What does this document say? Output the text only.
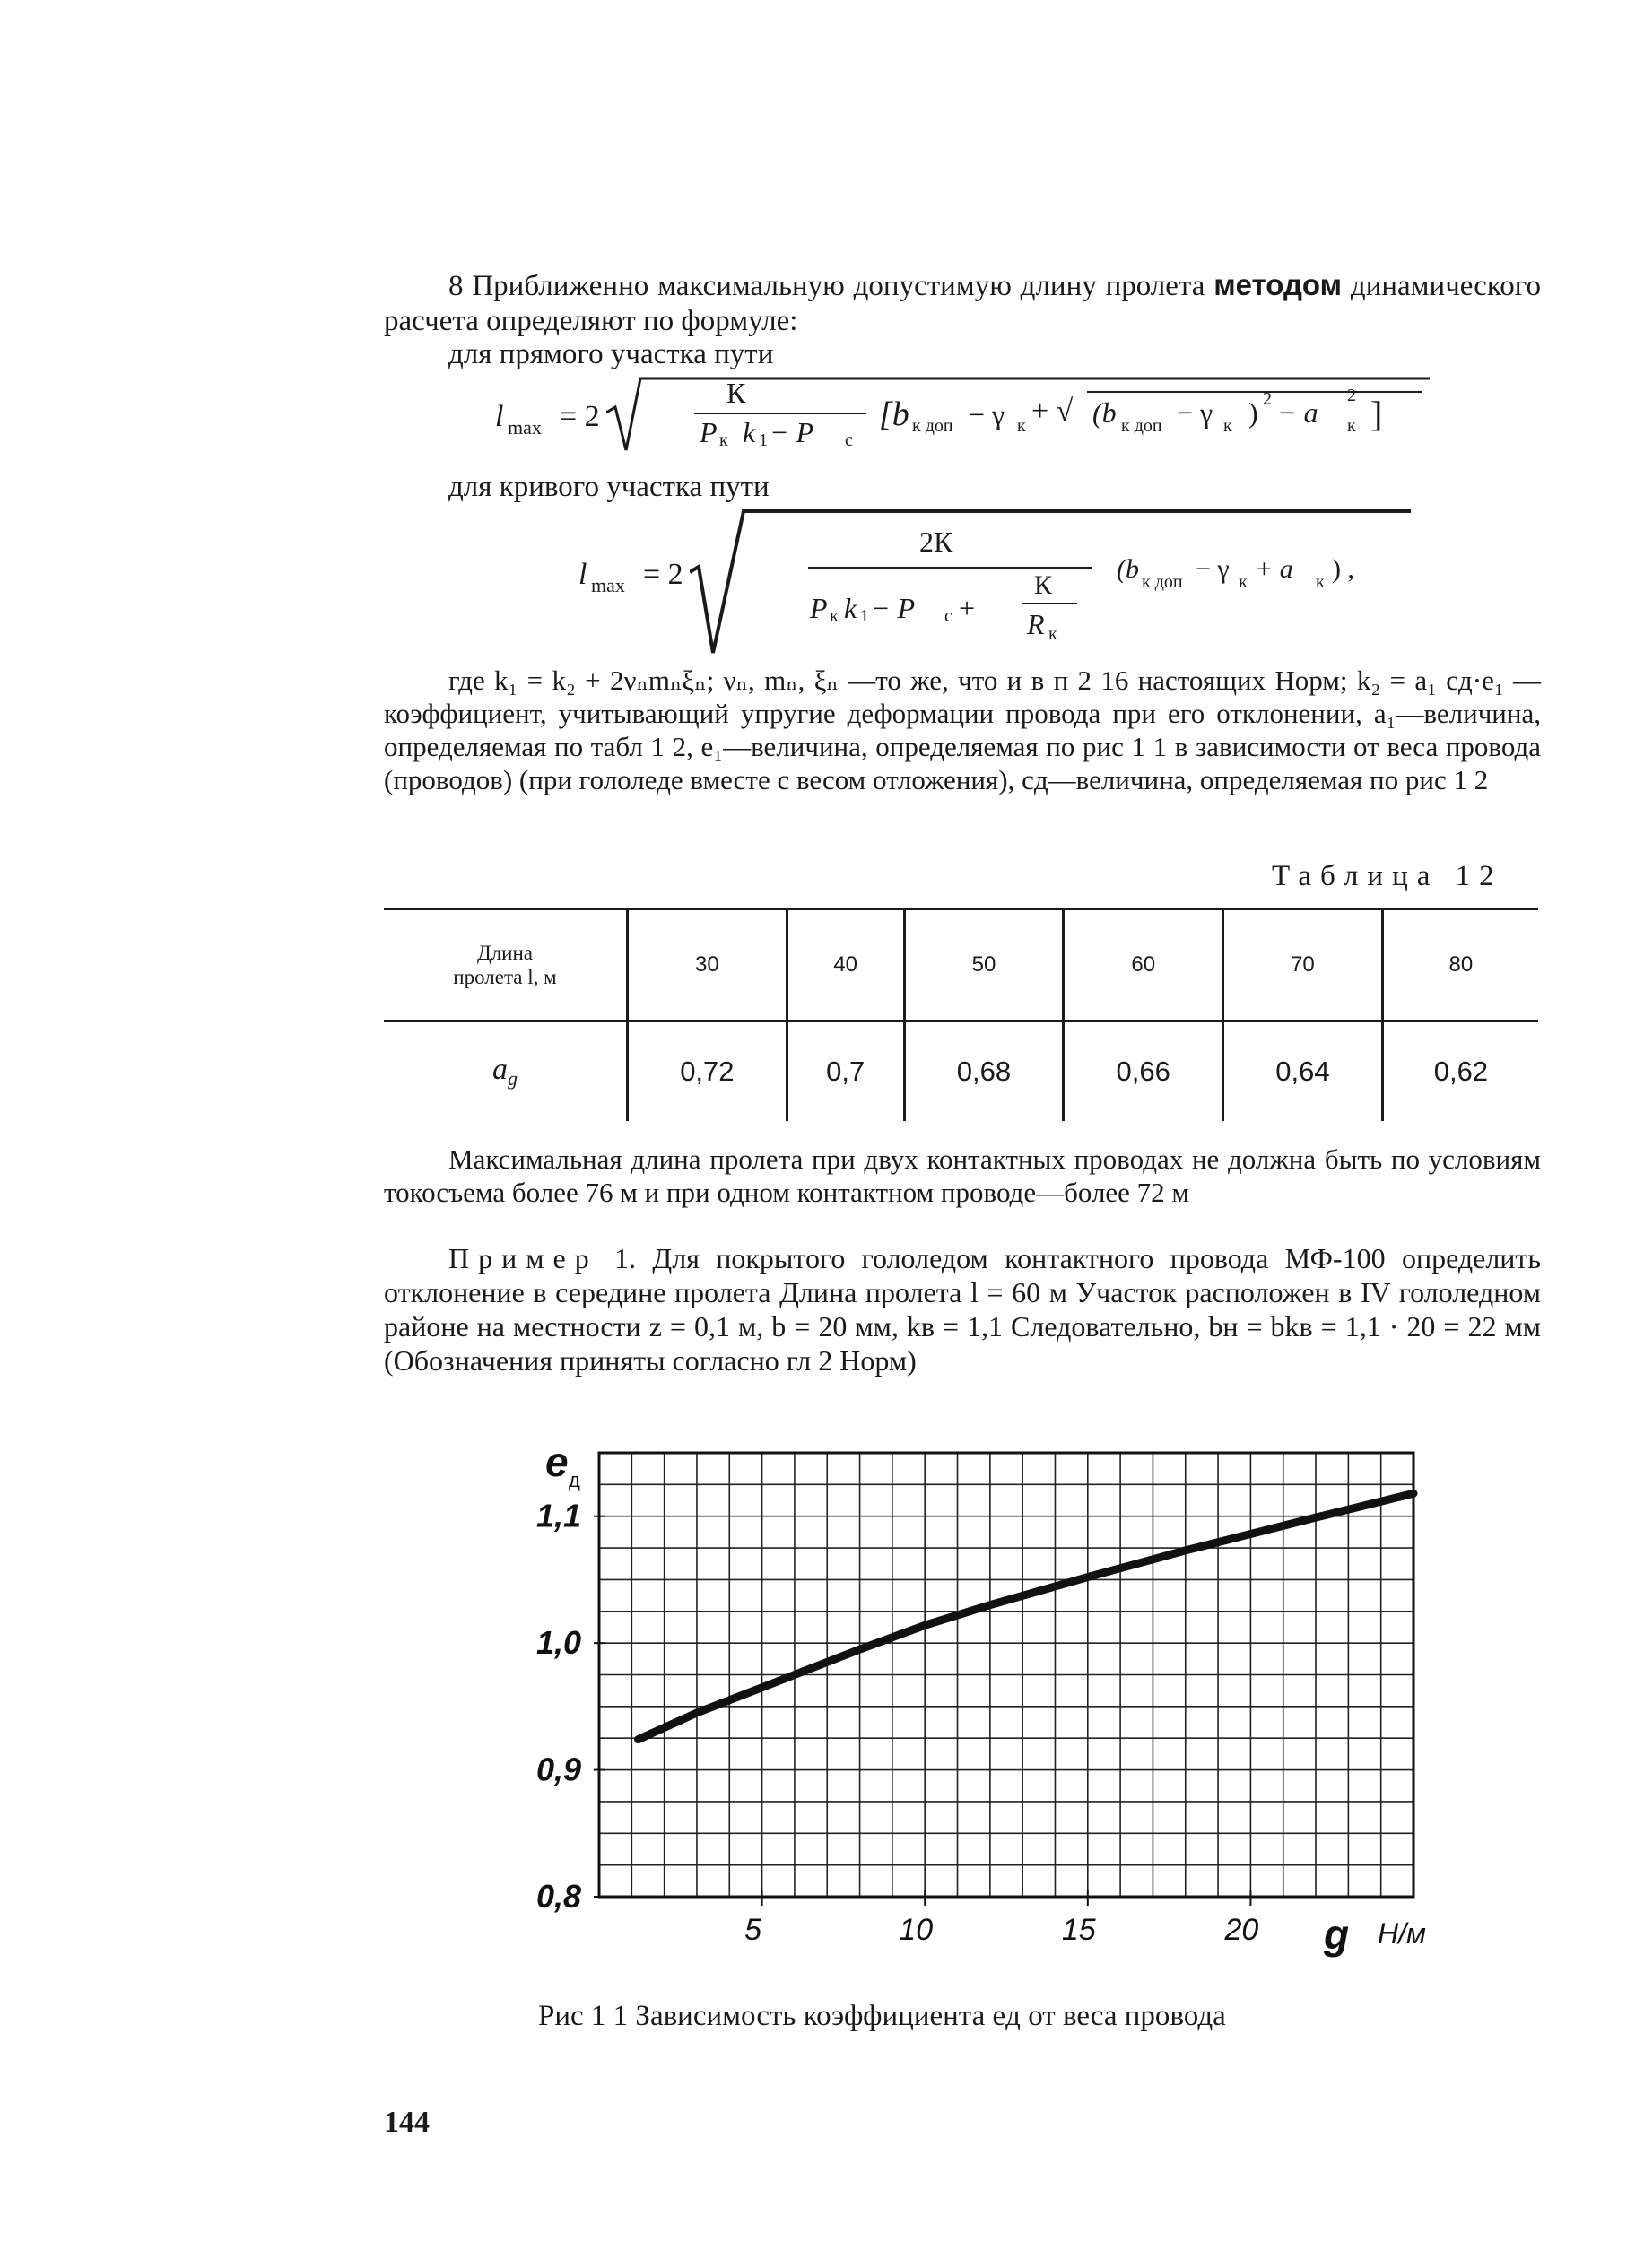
8 Приближенно максимальную допустимую длину пролета методом динамического расчета определяют по формуле:
для прямого участка пути
l max = 2
К
P к k 1 − P с
[b к доп − γ к + √ (b к доп − γ к ) 2 − a к
2 ]
для кривого участка пути
l max = 2
2К
P к k 1 − P с +
К
R к
(b к доп − γ к + a к ) ,
где k₁ = k₂ + 2νₙmₙξₙ; νₙ, mₙ, ξₙ —то же, что и в п 2 16 настоящих Норм; k₂ = a₁ cд·e₁ —коэффициент, учитывающий упругие деформации провода при его отклонении, a₁—величина, определяемая по табл 1 2, e₁—величина, определяемая по рис 1 1 в зависимости от веса провода (проводов) (при гололеде вместе с весом отложения), cд—величина, определяемая по рис 1 2
Таблица 12
Длина
пролета l, м	30	40	50	60	70	80
$a_g$	0,72	0,7	0,68	0,66	0,64	0,62
Максимальная длина пролета при двух контактных проводах не должна быть по условиям токосъема более 76 м и при одном контактном проводе—более 72 м
Пример 1. Для покрытого гололедом контактного провода МФ-100 определить отклонение в середине пролета Длина пролета l = 60 м Участок расположен в IV гололедном районе на местности z = 0,1 м, b = 20 мм, kв = 1,1 Следовательно, bн = bkв = 1,1 · 20 = 22 мм (Обозначения приняты согласно гл 2 Норм)
0,8
0,9
1,0
1,1
5	10	15	20
e д
g Н/м
Рис 1 1 Зависимость коэффициента eд от веса провода
144
